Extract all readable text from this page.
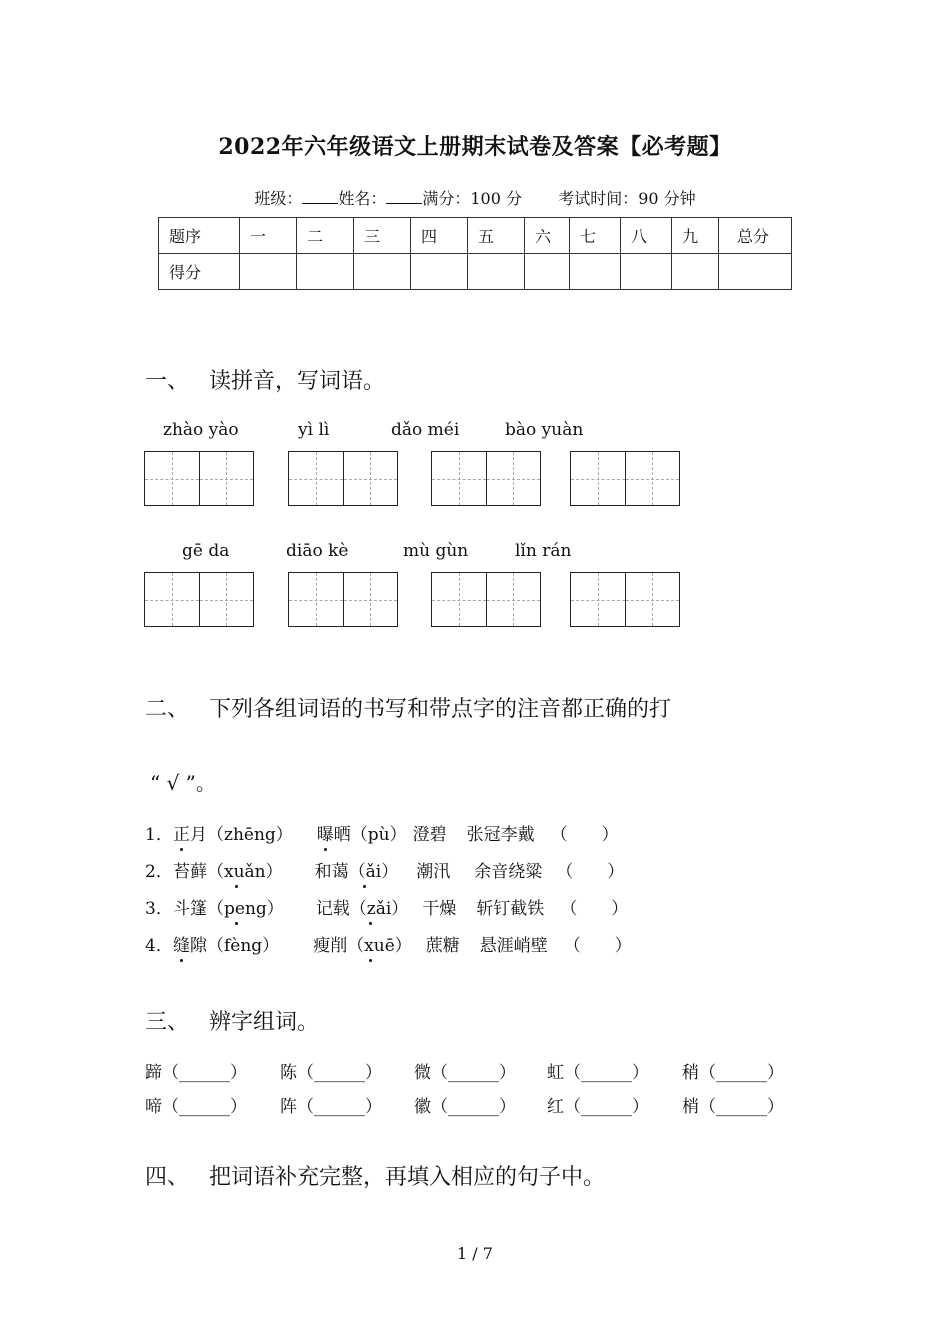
2022年六年级语文上册期末试卷及答案【必考题】
班级： 姓名： 满分：100 分 考试时间：90 分钟
题序	一	二	三	四	五	六	七	八	九	总分
得分										
一、 读拼音，写词语。
zhào yào	yì lì	dǎo méi	bào yuàn
gē da	diāo kè	mù gùn	lǐn rán
二、 下列各组词语的书写和带点字的注音都正确的打
“ √ ”。
1．正月（zhēng） 曝晒（pù） 澄碧 张冠李戴 （　　）
2．苔藓（xuǎn） 和蔼（ǎi） 潮汛 余音绕粱 （　　）
3．斗篷（peng） 记载（zǎi） 干燥 斩钉截铁 （　　）
4．缝隙（fèng） 瘦削（xuē） 蔗糖 悬涯峭壁 （　　）
三、 辨字组词。
蹄（______） 陈（______） 微（______） 虹（______） 稍（______）
啼（______） 阵（______） 徽（______） 红（______） 梢（______）
四、 把词语补充完整，再填入相应的句子中。
1 / 7
